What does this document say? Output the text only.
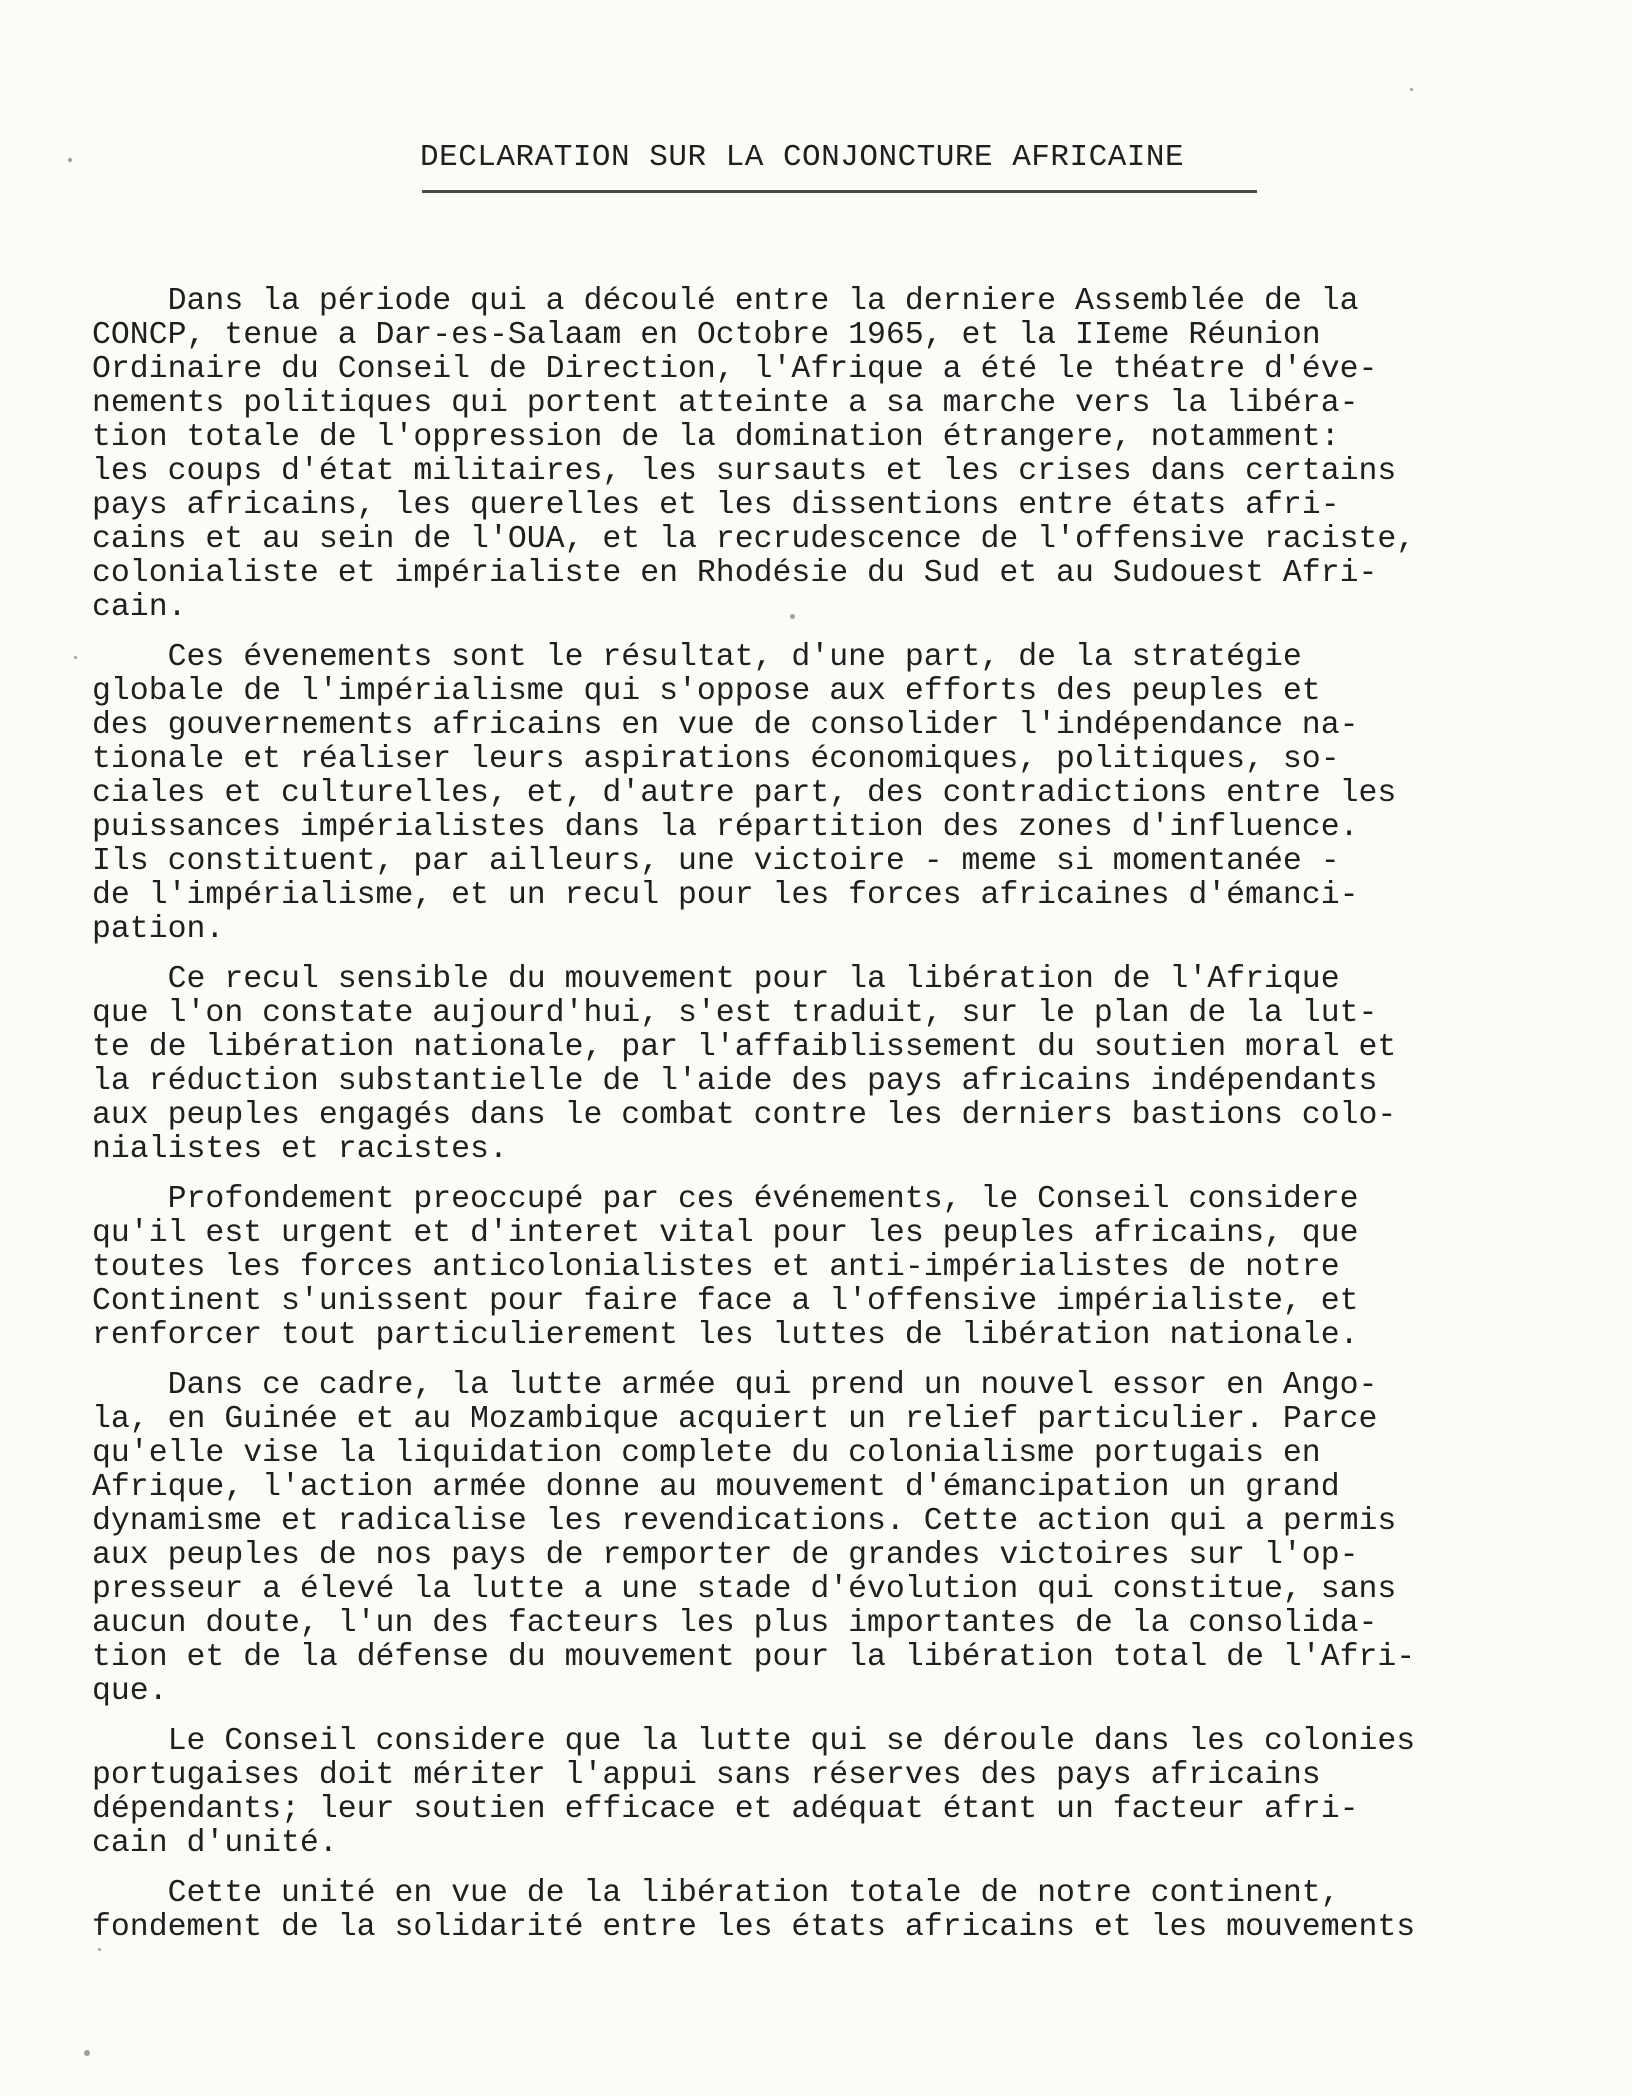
DECLARATION SUR LA CONJONCTURE AFRICAINE
Dans la période qui a découlé entre la derniere Assemblée de la
CONCP, tenue a Dar-es-Salaam en Octobre 1965, et la IIeme Réunion
Ordinaire du Conseil de Direction, l'Afrique a été le théatre d'éve-
nements politiques qui portent atteinte a sa marche vers la libéra-
tion totale de l'oppression de la domination étrangere, notamment:
les coups d'état militaires, les sursauts et les crises dans certains
pays africains, les querelles et les dissentions entre états afri-
cains et au sein de l'OUA, et la recrudescence de l'offensive raciste,
colonialiste et impérialiste en Rhodésie du Sud et au Sudouest Afri-
cain.
Ces évenements sont le résultat, d'une part, de la stratégie
globale de l'impérialisme qui s'oppose aux efforts des peuples et
des gouvernements africains en vue de consolider l'indépendance na-
tionale et réaliser leurs aspirations économiques, politiques, so-
ciales et culturelles, et, d'autre part, des contradictions entre les
puissances impérialistes dans la répartition des zones d'influence.
Ils constituent, par ailleurs, une victoire - meme si momentanée -
de l'impérialisme, et un recul pour les forces africaines d'émanci-
pation.
Ce recul sensible du mouvement pour la libération de l'Afrique
que l'on constate aujourd'hui, s'est traduit, sur le plan de la lut-
te de libération nationale, par l'affaiblissement du soutien moral et
la réduction substantielle de l'aide des pays africains indépendants
aux peuples engagés dans le combat contre les derniers bastions colo-
nialistes et racistes.
Profondement preoccupé par ces événements, le Conseil considere
qu'il est urgent et d'interet vital pour les peuples africains, que
toutes les forces anticolonialistes et anti-impérialistes de notre
Continent s'unissent pour faire face a l'offensive impérialiste, et
renforcer tout particulierement les luttes de libération nationale.
Dans ce cadre, la lutte armée qui prend un nouvel essor en Ango-
la, en Guinée et au Mozambique acquiert un relief particulier. Parce
qu'elle vise la liquidation complete du colonialisme portugais en
Afrique, l'action armée donne au mouvement d'émancipation un grand
dynamisme et radicalise les revendications. Cette action qui a permis
aux peuples de nos pays de remporter de grandes victoires sur l'op-
presseur a élevé la lutte a une stade d'évolution qui constitue, sans
aucun doute, l'un des facteurs les plus importantes de la consolida-
tion et de la défense du mouvement pour la libération total de l'Afri-
que.
Le Conseil considere que la lutte qui se déroule dans les colonies
portugaises doit mériter l'appui sans réserves des pays africains
dépendants; leur soutien efficace et adéquat étant un facteur afri-
cain d'unité.
Cette unité en vue de la libération totale de notre continent,
fondement de la solidarité entre les états africains et les mouvements
